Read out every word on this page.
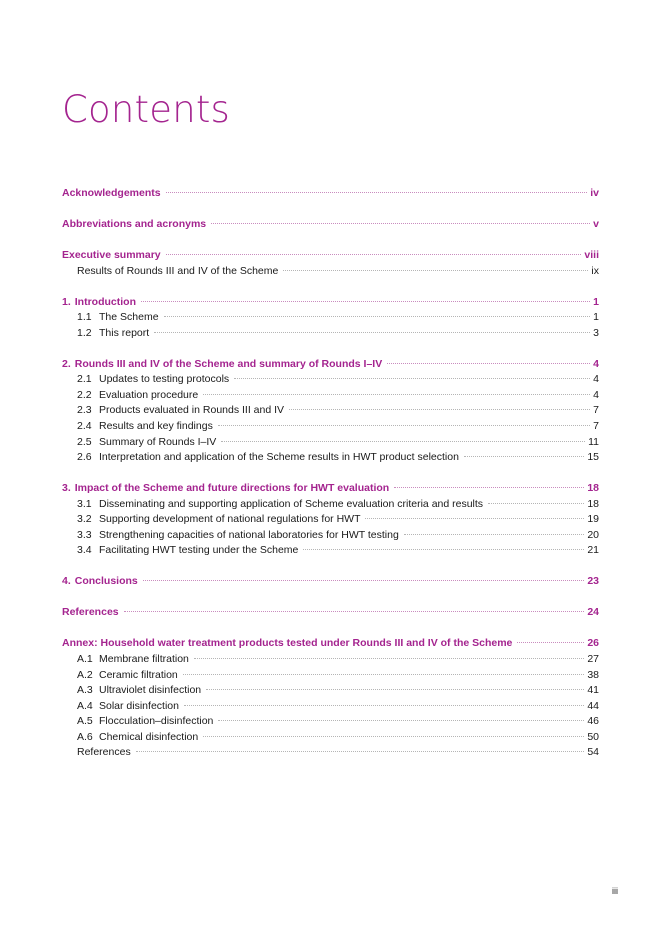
Contents
Acknowledgements	iv
Abbreviations and acronyms	v
Executive summary	viii
Results of Rounds III and IV of the Scheme	ix
1. Introduction	1
1.1 The Scheme	1
1.2 This report	3
2. Rounds III and IV of the Scheme and summary of Rounds I–IV	4
2.1 Updates to testing protocols	4
2.2 Evaluation procedure	4
2.3 Products evaluated in Rounds III and IV	7
2.4 Results and key findings	7
2.5 Summary of Rounds I–IV	11
2.6 Interpretation and application of the Scheme results in HWT product selection	15
3. Impact of the Scheme and future directions for HWT evaluation	18
3.1 Disseminating and supporting application of Scheme evaluation criteria and results	18
3.2 Supporting development of national regulations for HWT	19
3.3 Strengthening capacities of national laboratories for HWT testing	20
3.4 Facilitating HWT testing under the Scheme	21
4. Conclusions	23
References	24
Annex: Household water treatment products tested under Rounds III and IV of the Scheme	26
A.1 Membrane filtration	27
A.2 Ceramic filtration	38
A.3 Ultraviolet disinfection	41
A.4 Solar disinfection	44
A.5 Flocculation–disinfection	46
A.6 Chemical disinfection	50
References	54
iii
